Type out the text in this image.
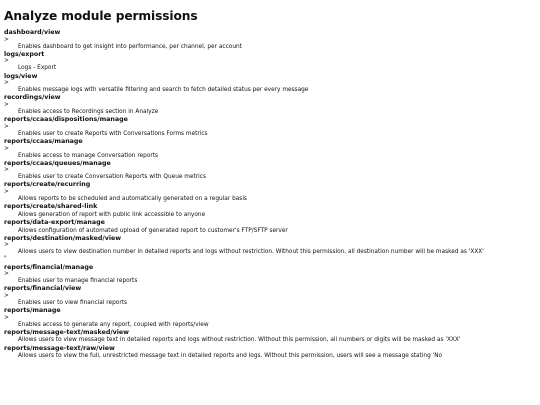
Analyze module permissions
dashboard/view
>
Enables dashboard to get insight into performance, per channel, per account
logs/export
>
Logs - Export
logs/view
>
Enables message logs with versatile filtering and search to fetch detailed status per every message
recordings/view
>
Enables access to Recordings section in Analyze
reports/ccaas/dispositions/manage
>
Enables user to create Reports with Conversations Forms metrics
reports/ccaas/manage
>
Enables access to manage Conversation reports
reports/ccaas/queues/manage
>
Enables user to create Conversation Reports with Queue metrics
reports/create/recurring
>
Allows reports to be scheduled and automatically generated on a regular basis
reports/create/shared-link
Allows generation of report with public link accessible to anyone
reports/data-export/manage
Allows configuration of automated upload of generated report to customer's FTP/SFTP server
reports/destination/masked/view
>
Allows users to view destination number in detailed reports and logs without restriction. Without this permission, all destination number will be masked as 'XXX'
"
reports/financial/manage
>
Enables user to manage financial reports
reports/financial/view
>
Enables user to view financial reports
reports/manage
>
Enables access to generate any report, coupled with reports/view
reports/message-text/masked/view
Allows users to view message text in detailed reports and logs without restriction. Without this permission, all numbers or digits will be masked as 'XXX'
reports/message-text/raw/view
Allows users to view the full, unrestricted message text in detailed reports and logs. Without this permission, users will see a message stating 'No
